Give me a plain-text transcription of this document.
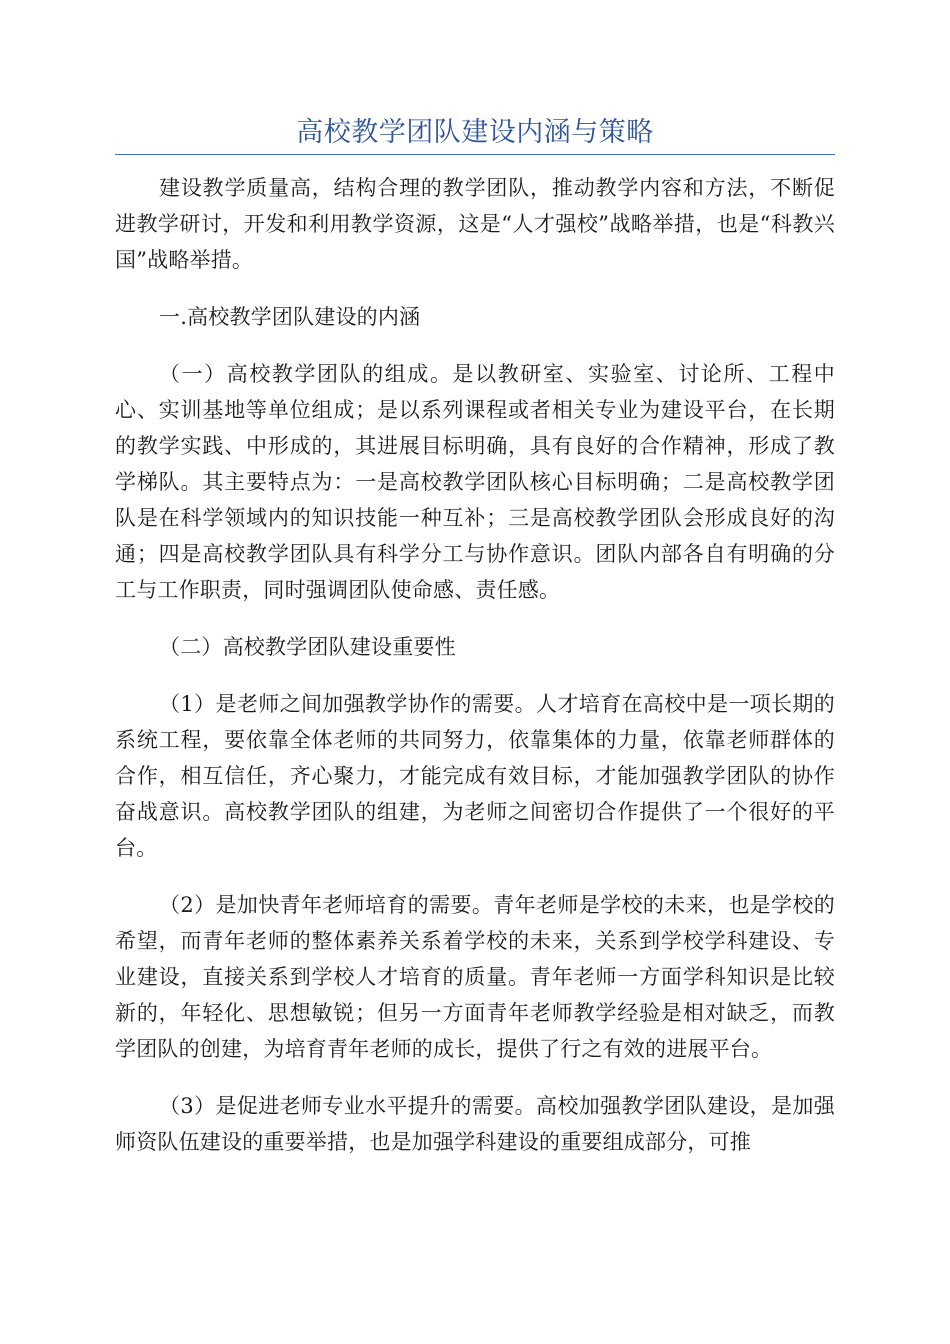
高校教学团队建设内涵与策略

建设教学质量高，结构合理的教学团队，推动教学内容和方法，不断促进教学研讨，开发和利用教学资源，这是“人才强校”战略举措，也是“科教兴国”战略举措。

一.高校教学团队建设的内涵

（一）高校教学团队的组成。是以教研室、实验室、讨论所、工程中心、实训基地等单位组成；是以系列课程或者相关专业为建设平台，在长期的教学实践、中形成的，其进展目标明确，具有良好的合作精神，形成了教学梯队。其主要特点为：一是高校教学团队核心目标明确；二是高校教学团队是在科学领域内的知识技能一种互补；三是高校教学团队会形成良好的沟通；四是高校教学团队具有科学分工与协作意识。团队内部各自有明确的分工与工作职责，同时强调团队使命感、责任感。

（二）高校教学团队建设重要性

（1）是老师之间加强教学协作的需要。人才培育在高校中是一项长期的系统工程，要依靠全体老师的共同努力，依靠集体的力量，依靠老师群体的合作，相互信任，齐心聚力，才能完成有效目标，才能加强教学团队的协作奋战意识。高校教学团队的组建，为老师之间密切合作提供了一个很好的平台。

（2）是加快青年老师培育的需要。青年老师是学校的未来，也是学校的希望，而青年老师的整体素养关系着学校的未来，关系到学校学科建设、专业建设，直接关系到学校人才培育的质量。青年老师一方面学科知识是比较新的，年轻化、思想敏锐；但另一方面青年老师教学经验是相对缺乏，而教学团队的创建，为培育青年老师的成长，提供了行之有效的进展平台。

（3）是促进老师专业水平提升的需要。高校加强教学团队建设，是加强师资队伍建设的重要举措，也是加强学科建设的重要组成部分，可推
